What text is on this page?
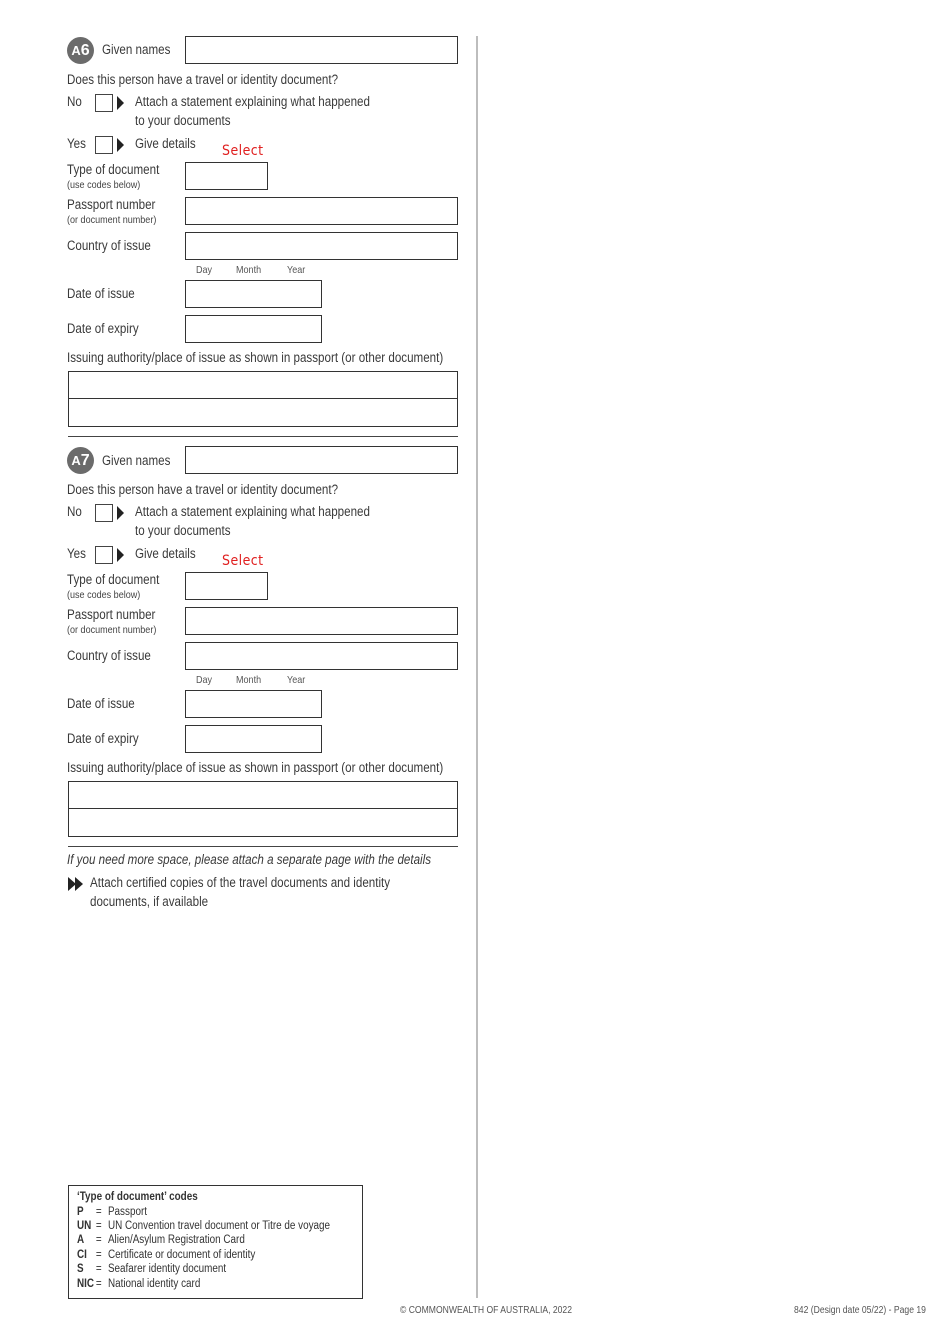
A6 Given names
Does this person have a travel or identity document?
No	Attach a statement explaining what happened
to your documents
Yes	Give details Select
Type of document
(use codes below)
Passport number
(or document number)
Country of issue
Day Month Year
Date of issue
Date of expiry
Issuing authority/place of issue as shown in passport (or other document)
A7 Given names
Does this person have a travel or identity document?
No	Attach a statement explaining what happened
to your documents
Yes	Give details Select
Type of document
(use codes below)
Passport number
(or document number)
Country of issue
Day Month Year
Date of issue
Date of expiry
Issuing authority/place of issue as shown in passport (or other document)
If you need more space, please attach a separate page with the details
Attach certified copies of the travel documents and identity
documents, if available
‘Type of document’ codes
P = Passport
UN = UN Convention travel document or Titre de voyage
A = Alien/Asylum Registration Card
CI = Certificate or document of identity
S = Seafarer identity document
NIC = National identity card
© COMMONWEALTH OF AUSTRALIA, 2022	842 (Design date 05/22) - Page 19
